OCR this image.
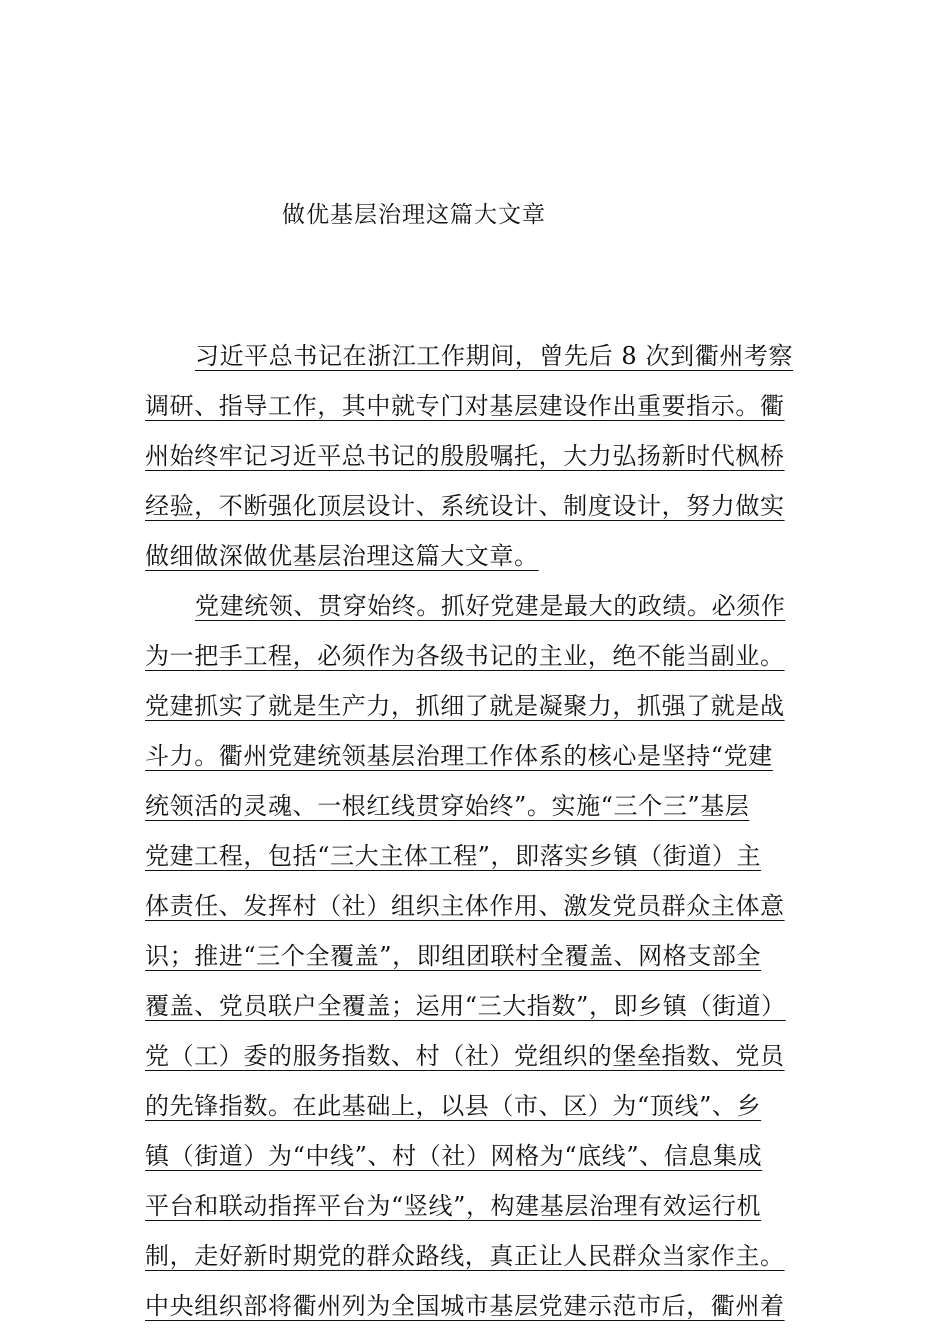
做优基层治理这篇大文章
习近平总书记在浙江工作期间，曾先后 8 次到衢州考察
调研、指导工作，其中就专门对基层建设作出重要指示。衢
州始终牢记习近平总书记的殷殷嘱托，大力弘扬新时代枫桥
经验，不断强化顶层设计、系统设计、制度设计，努力做实
做细做深做优基层治理这篇大文章。
党建统领、贯穿始终。抓好党建是最大的政绩。必须作
为一把手工程，必须作为各级书记的主业，绝不能当副业。
党建抓实了就是生产力，抓细了就是凝聚力，抓强了就是战
斗力。衢州党建统领基层治理工作体系的核心是坚持“党建
统领活的灵魂、一根红线贯穿始终”。实施“三个三”基层
党建工程，包括“三大主体工程”，即落实乡镇（街道）主
体责任、发挥村（社）组织主体作用、激发党员群众主体意
识；推进“三个全覆盖”，即组团联村全覆盖、网格支部全
覆盖、党员联户全覆盖；运用“三大指数”，即乡镇（街道）
党（工）委的服务指数、村（社）党组织的堡垒指数、党员
的先锋指数。在此基础上，以县（市、区）为“顶线”、乡
镇（街道）为“中线”、村（社）网格为“底线”、信息集成
平台和联动指挥平台为“竖线”，构建基层治理有效运行机
制，走好新时期党的群众路线，真正让人民群众当家作主。
中央组织部将衢州列为全国城市基层党建示范市后，衢州着
